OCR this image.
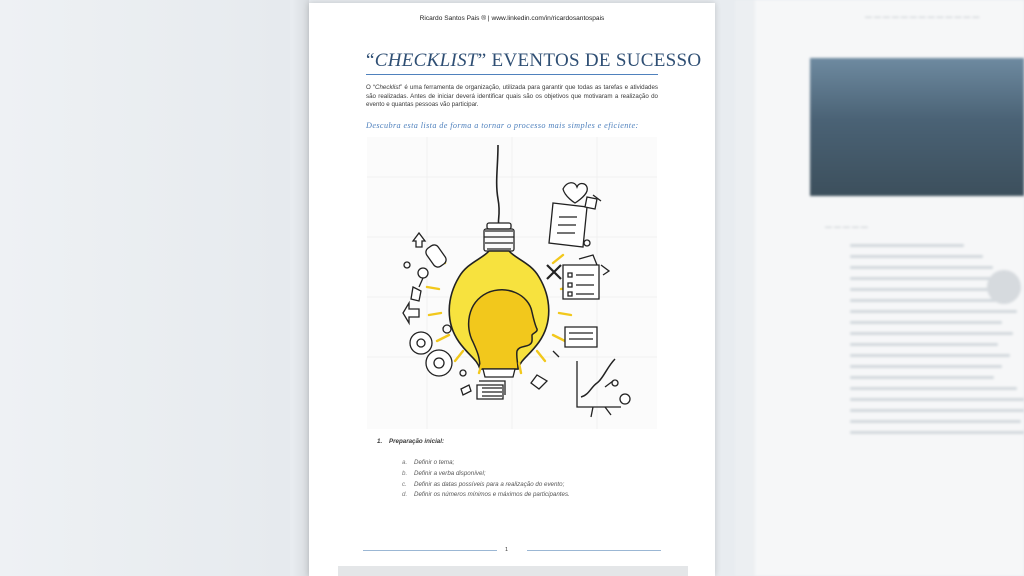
— — — — — — — — — — — — —
— — — — —
Ricardo Santos Pais ® | www.linkedin.com/in/ricardosantospais
“CHECKLIST” EVENTOS DE SUCESSO
O “Checklist” é uma ferramenta de organização, utilizada para garantir que todas as tarefas e atividades são realizadas. Antes de iniciar deverá identificar quais são os objetivos que motivaram a realização do evento e quantas pessoas vão participar.
Descubra esta lista de forma a tornar o processo mais simples e eficiente:
1. Preparação inicial:
a. Definir o tema;
b. Definir a verba disponível;
c. Definir as datas possíveis para a realização do evento;
d. Definir os números mínimos e máximos de participantes.
1
